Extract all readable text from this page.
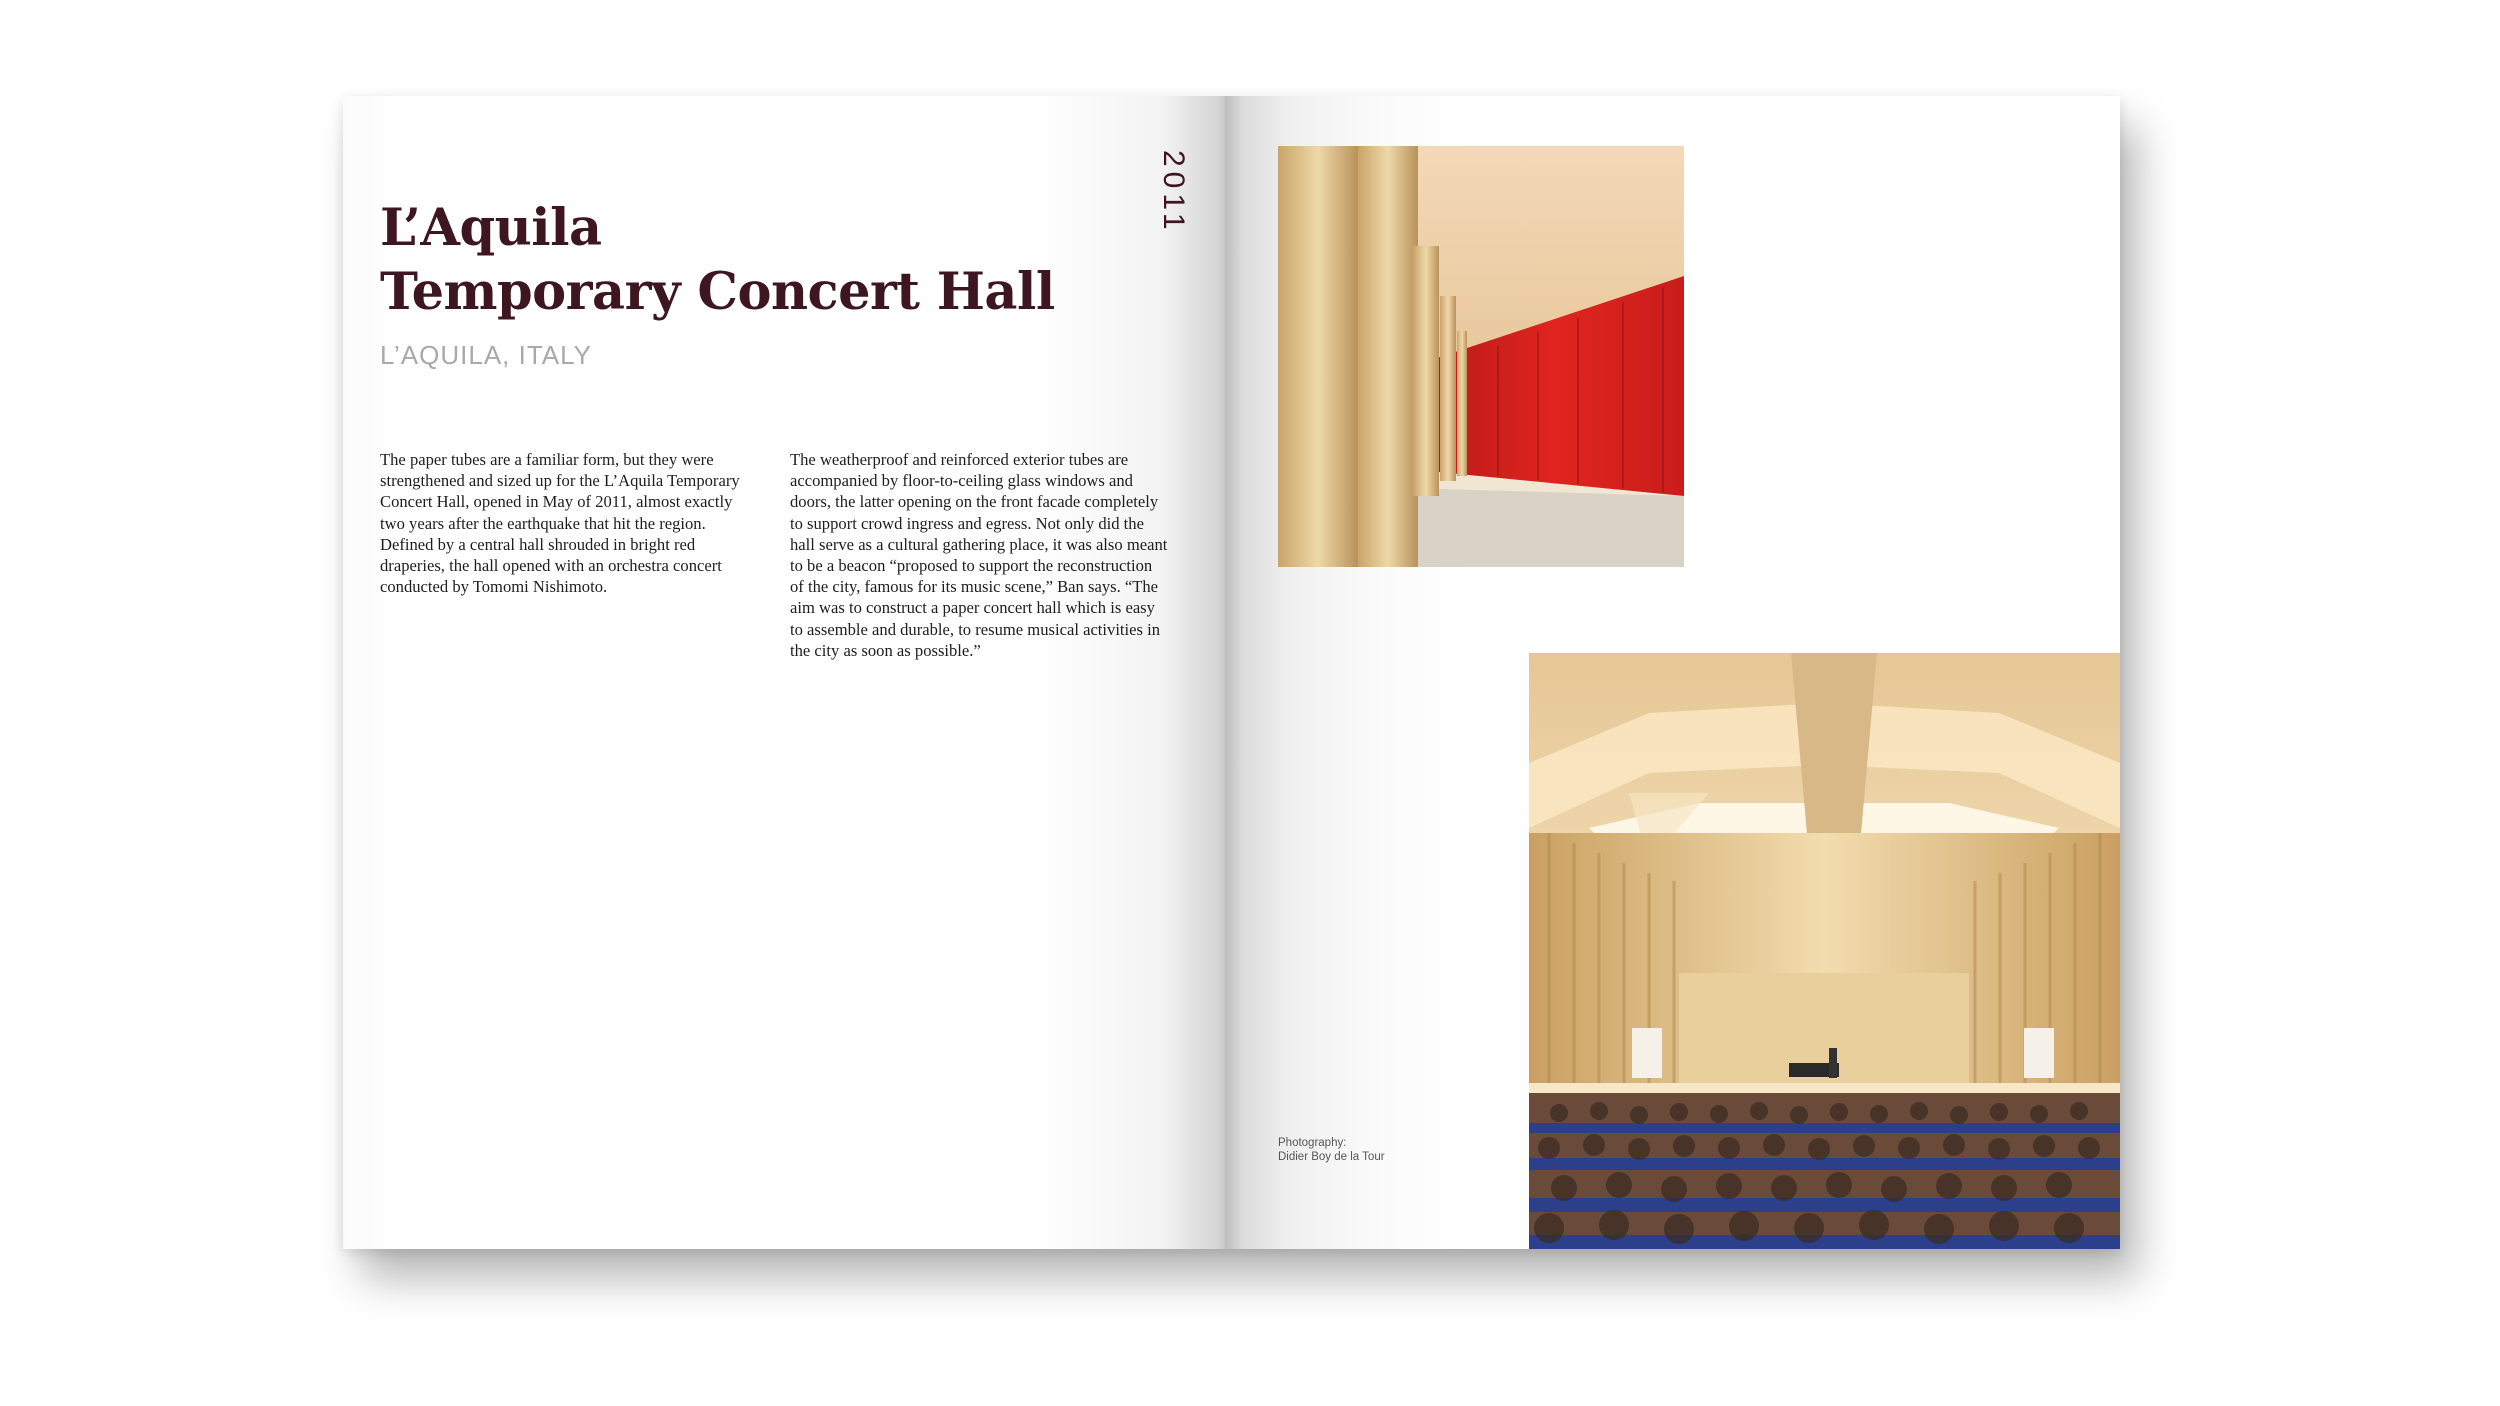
L’Aquila
Temporary Concert Hall
L’AQUILA, ITALY
The paper tubes are a familiar form, but they were strengthened and sized up for the L’Aquila Temporary Concert Hall, opened in May of 2011, almost exactly two years after the earthquake that hit the region. Defined by a central hall shrouded in bright red draperies, the hall opened with an orchestra concert conducted by Tomomi Nishimoto.
The weatherproof and reinforced exterior tubes are accompanied by floor-to-ceiling glass windows and doors, the latter opening on the front facade completely to support crowd ingress and egress. Not only did the hall serve as a cultural gathering place, it was also meant to be a beacon “proposed to support the reconstruction of the city, famous for its music scene,” Ban says. “The aim was to construct a paper concert hall which is easy to assemble and durable, to resume musical activities in the city as soon as possible.”
2011
Photography:
Didier Boy de la Tour
